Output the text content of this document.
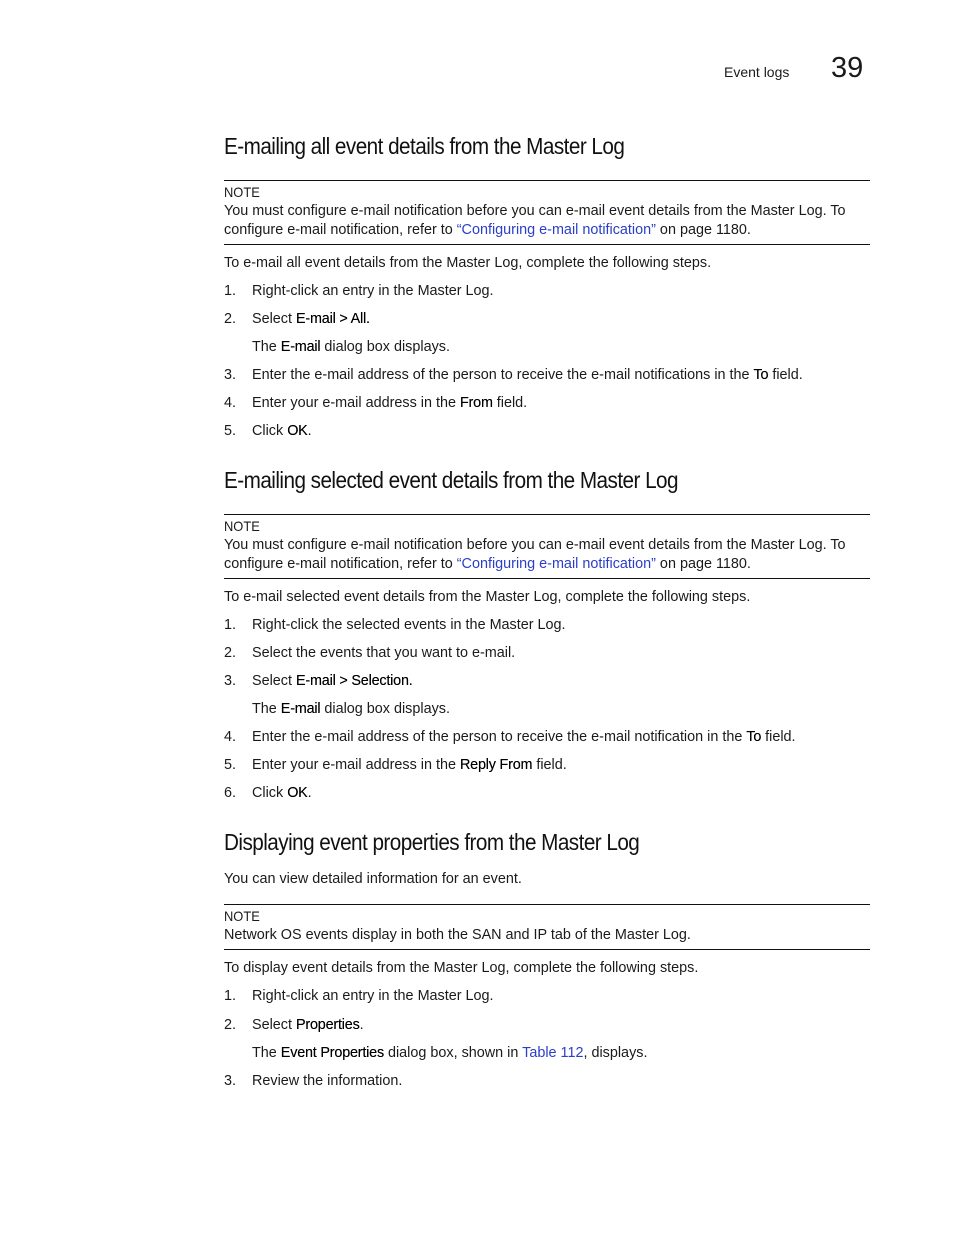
Event logs 39
E-mailing all event details from the Master Log
NOTE
You must configure e-mail notification before you can e-mail event details from the Master Log. To configure e-mail notification, refer to “Configuring e-mail notification” on page 1180.
To e-mail all event details from the Master Log, complete the following steps.
1. Right-click an entry in the Master Log.
2. Select E-mail > All.
The E-mail dialog box displays.
3. Enter the e-mail address of the person to receive the e-mail notifications in the To field.
4. Enter your e-mail address in the From field.
5. Click OK.
E-mailing selected event details from the Master Log
NOTE
You must configure e-mail notification before you can e-mail event details from the Master Log. To configure e-mail notification, refer to “Configuring e-mail notification” on page 1180.
To e-mail selected event details from the Master Log, complete the following steps.
1. Right-click the selected events in the Master Log.
2. Select the events that you want to e-mail.
3. Select E-mail > Selection.
The E-mail dialog box displays.
4. Enter the e-mail address of the person to receive the e-mail notification in the To field.
5. Enter your e-mail address in the Reply From field.
6. Click OK.
Displaying event properties from the Master Log
You can view detailed information for an event.
NOTE
Network OS events display in both the SAN and IP tab of the Master Log.
To display event details from the Master Log, complete the following steps.
1. Right-click an entry in the Master Log.
2. Select Properties.
The Event Properties dialog box, shown in Table 112, displays.
3. Review the information.
